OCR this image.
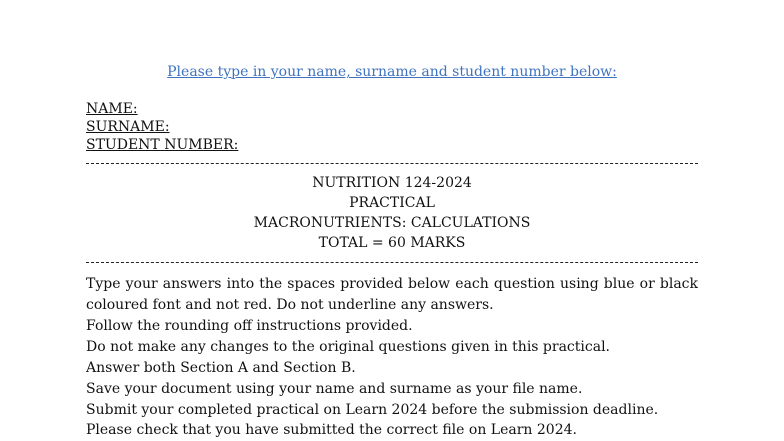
Please type in your name, surname and student number below:
NAME:
SURNAME:
STUDENT NUMBER:
NUTRITION 124-2024
PRACTICAL
MACRONUTRIENTS: CALCULATIONS
TOTAL = 60 MARKS
Type your answers into the spaces provided below each question using blue or black coloured font and not red. Do not underline any answers.
Follow the rounding off instructions provided.
Do not make any changes to the original questions given in this practical.
Answer both Section A and Section B.
Save your document using your name and surname as your file name.
Submit your completed practical on Learn 2024 before the submission deadline.
Please check that you have submitted the correct file on Learn 2024.
